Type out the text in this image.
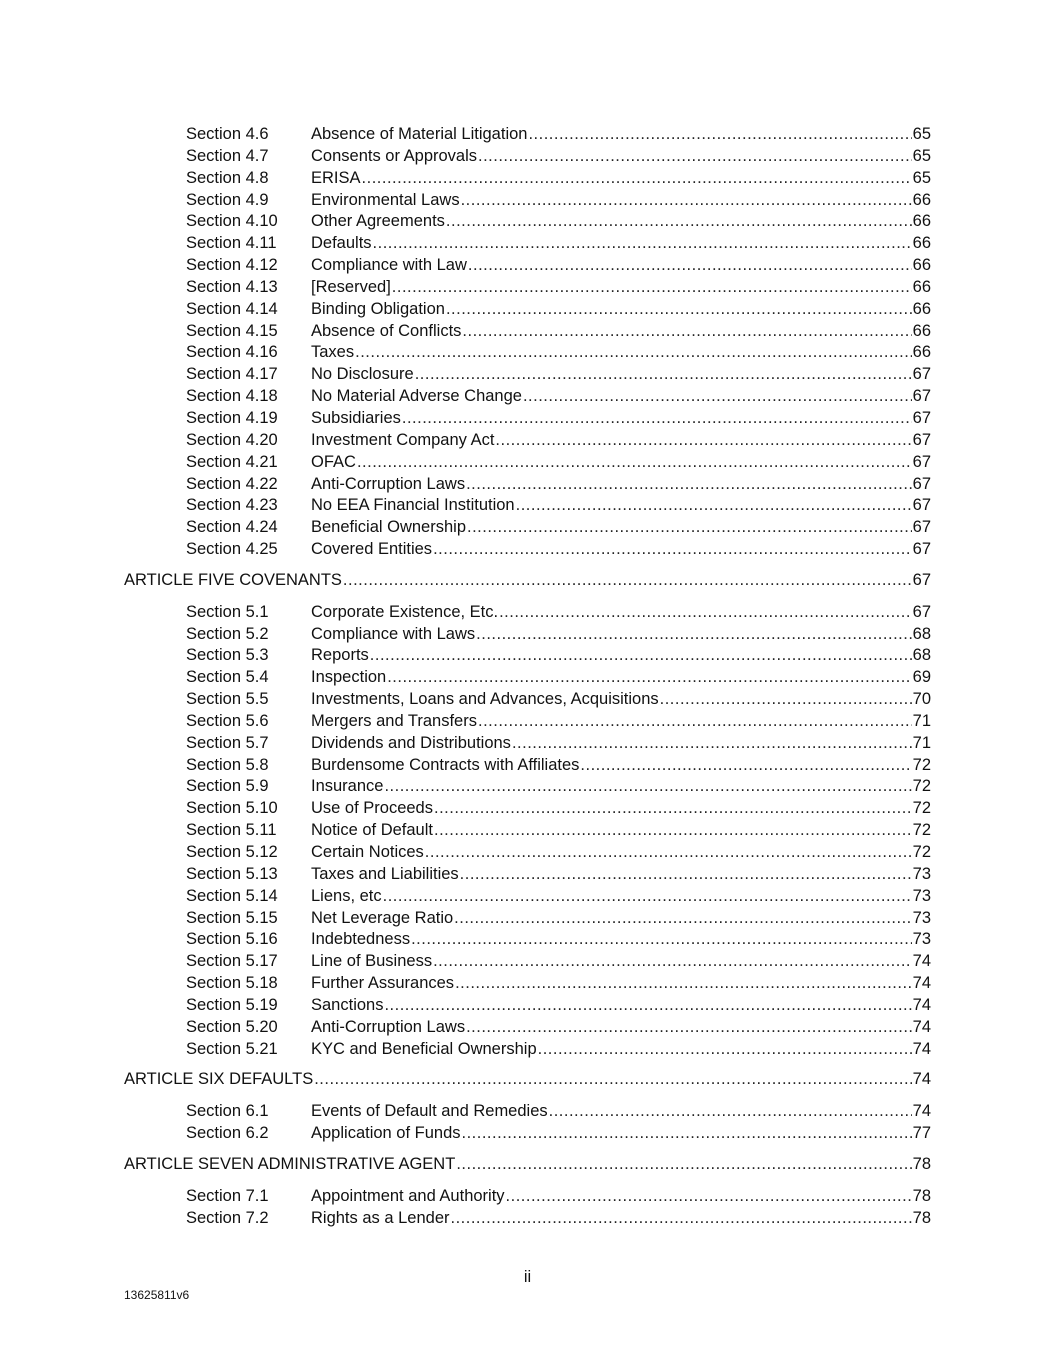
Section 4.6	Absence of Material Litigation .....	65
Section 4.7	Consents or Approvals .....	65
Section 4.8	ERISA .....	65
Section 4.9	Environmental Laws .....	66
Section 4.10 Other Agreements .....	66
Section 4.11 Defaults .....	66
Section 4.12 Compliance with Law .....	66
Section 4.13 [Reserved] .....	66
Section 4.14 Binding Obligation .....	66
Section 4.15 Absence of Conflicts .....	66
Section 4.16 Taxes .....	66
Section 4.17 No Disclosure .....	67
Section 4.18 No Material Adverse Change .....	67
Section 4.19 Subsidiaries .....	67
Section 4.20 Investment Company Act .....	67
Section 4.21 OFAC .....	67
Section 4.22 Anti-Corruption Laws .....	67
Section 4.23 No EEA Financial Institution .....	67
Section 4.24 Beneficial Ownership .....	67
Section 4.25 Covered Entities .....	67
ARTICLE FIVE COVENANTS .....	67
Section 5.1	Corporate Existence, Etc. .....	67
Section 5.2	Compliance with Laws .....	68
Section 5.3	Reports .....	68
Section 5.4	Inspection .....	69
Section 5.5	Investments, Loans and Advances, Acquisitions .....	70
Section 5.6	Mergers and Transfers .....	71
Section 5.7	Dividends and Distributions .....	71
Section 5.8	Burdensome Contracts with Affiliates .....	72
Section 5.9	Insurance .....	72
Section 5.10 Use of Proceeds .....	72
Section 5.11 Notice of Default .....	72
Section 5.12 Certain Notices .....	72
Section 5.13 Taxes and Liabilities .....	73
Section 5.14 Liens, etc .....	73
Section 5.15 Net Leverage Ratio .....	73
Section 5.16 Indebtedness .....	73
Section 5.17 Line of Business .....	74
Section 5.18 Further Assurances .....	74
Section 5.19 Sanctions .....	74
Section 5.20 Anti-Corruption Laws .....	74
Section 5.21 KYC and Beneficial Ownership .....	74
ARTICLE SIX DEFAULTS .....	74
Section 6.1	Events of Default and Remedies .....	74
Section 6.2	Application of Funds .....	77
ARTICLE SEVEN ADMINISTRATIVE AGENT .....	78
Section 7.1	Appointment and Authority .....	78
Section 7.2	Rights as a Lender .....	78
ii
13625811v6
